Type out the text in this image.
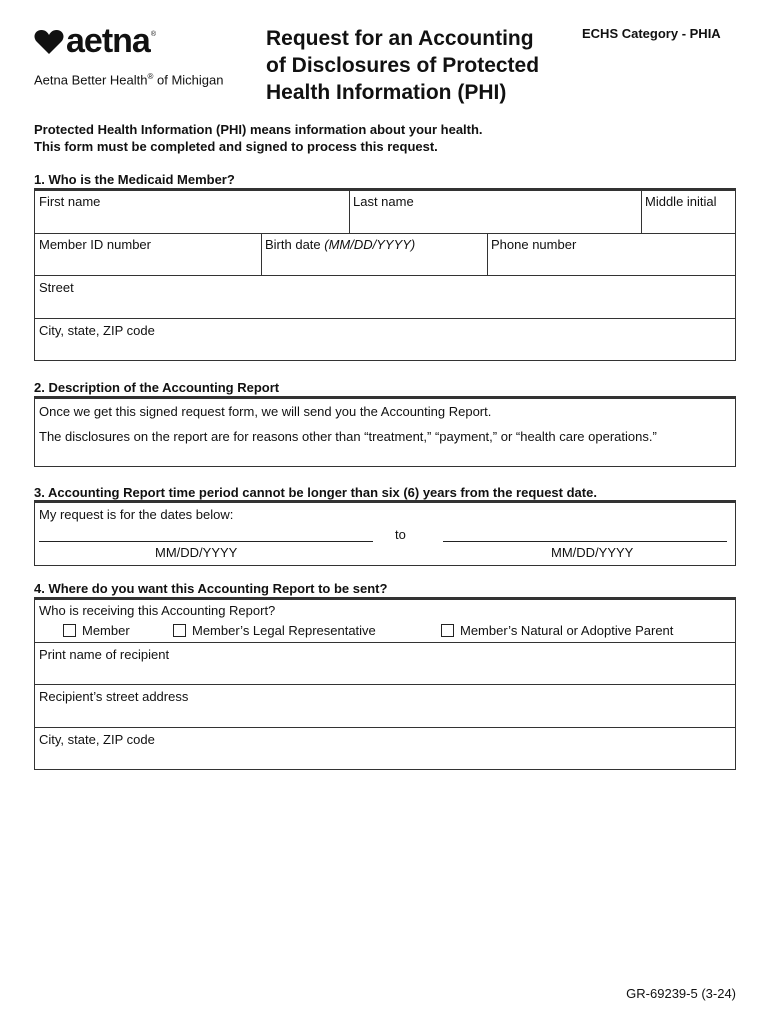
aetna ®
Aetna Better Health® of Michigan
Request for an Accounting
of Disclosures of Protected
Health Information (PHI)
ECHS Category - PHIA
Protected Health Information (PHI) means information about your health.
This form must be completed and signed to process this request.
1. Who is the Medicaid Member?
First name	Last name	Middle initial
Member ID number	Birth date (MM/DD/YYYY)	Phone number
Street
City, state, ZIP code
2. Description of the Accounting Report
Once we get this signed request form, we will send you the Accounting Report.
The disclosures on the report are for reasons other than “treatment,” “payment,” or “health care operations.”
3. Accounting Report time period cannot be longer than six (6) years from the request date.
My request is for the dates below:
to
MM/DD/YYYY	MM/DD/YYYY
4. Where do you want this Accounting Report to be sent?
Who is receiving this Accounting Report?
Member	Member’s Legal Representative	Member’s Natural or Adoptive Parent
Print name of recipient
Recipient’s street address
City, state, ZIP code
GR-69239-5 (3-24)
